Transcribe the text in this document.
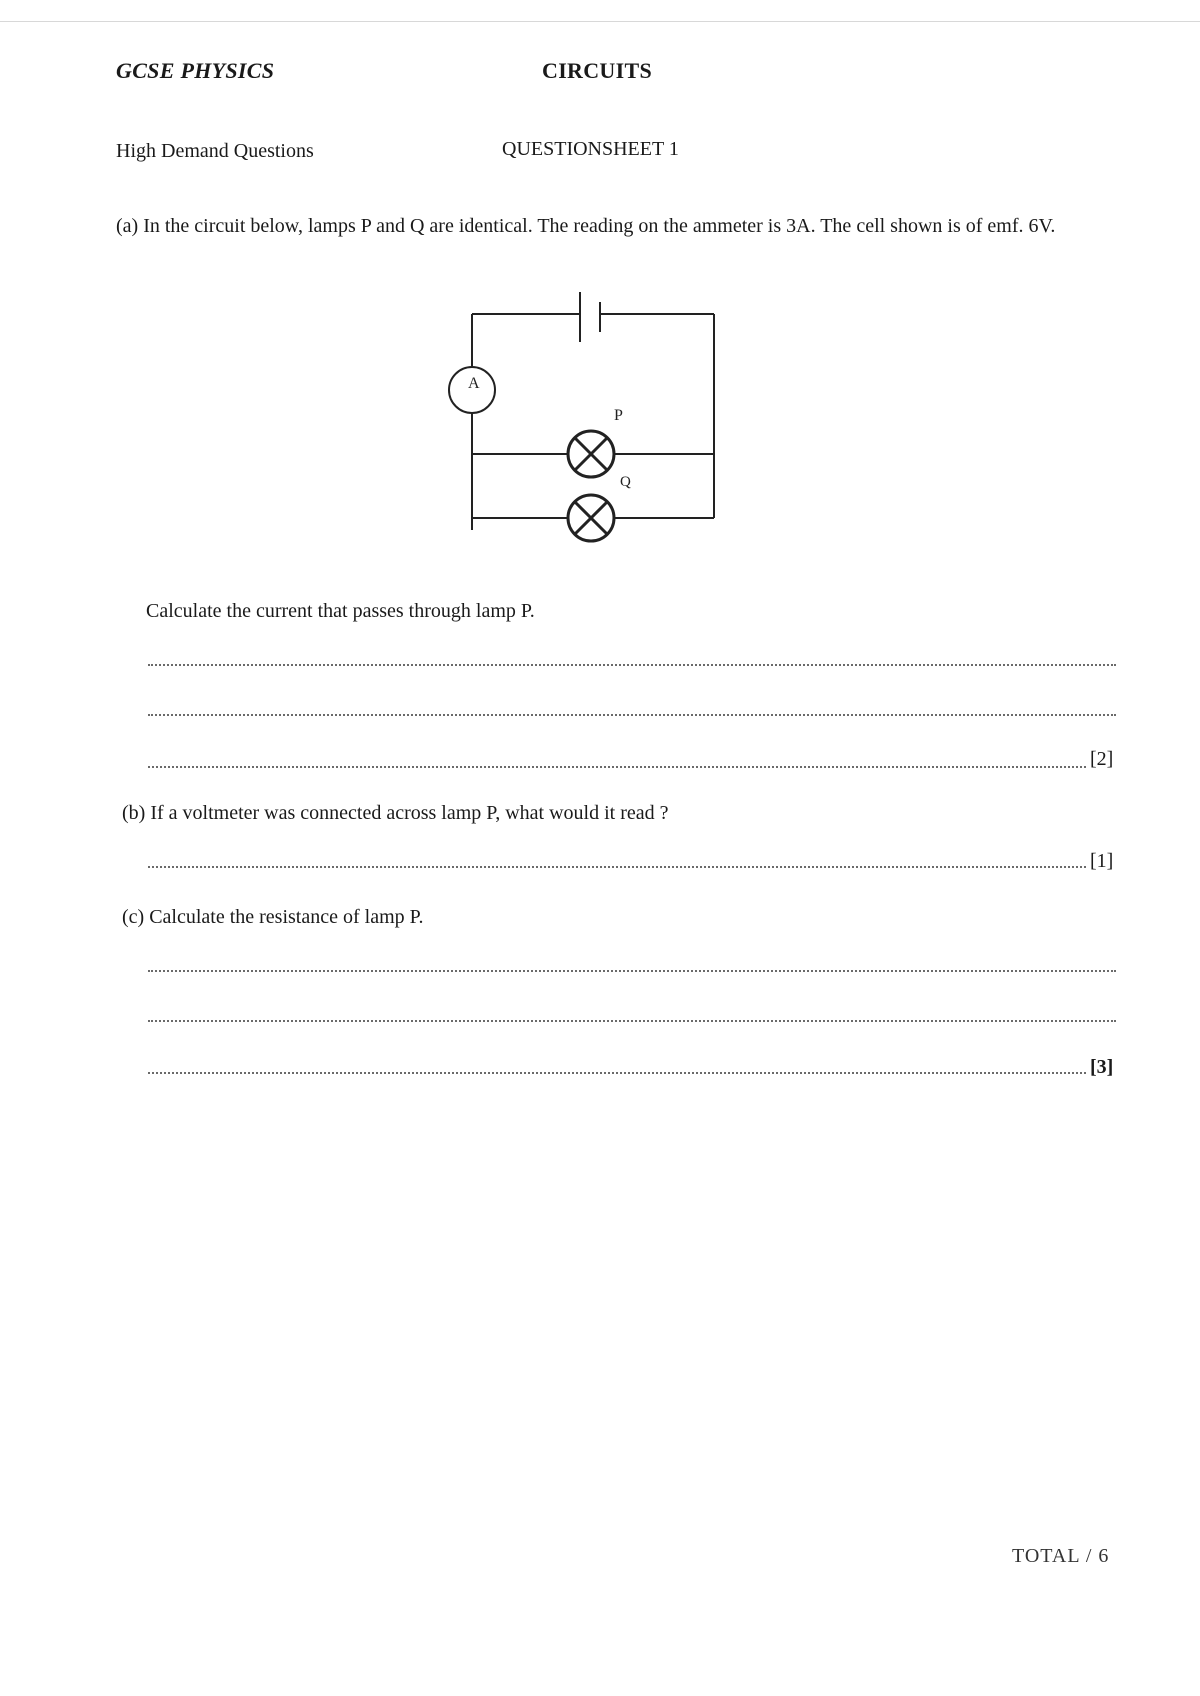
GCSE PHYSICS	CIRCUITS
High Demand Questions	QUESTIONSHEET 1
(a) In the circuit below, lamps P and Q are identical. The reading on the ammeter is 3A. The cell shown is of emf. 6V.
A
P
Q
Calculate the current that passes through lamp P.
[2]
(b) If a voltmeter was connected across lamp P, what would it read ?
[1]
(c) Calculate the resistance of lamp P.
[3]
TOTAL / 6
